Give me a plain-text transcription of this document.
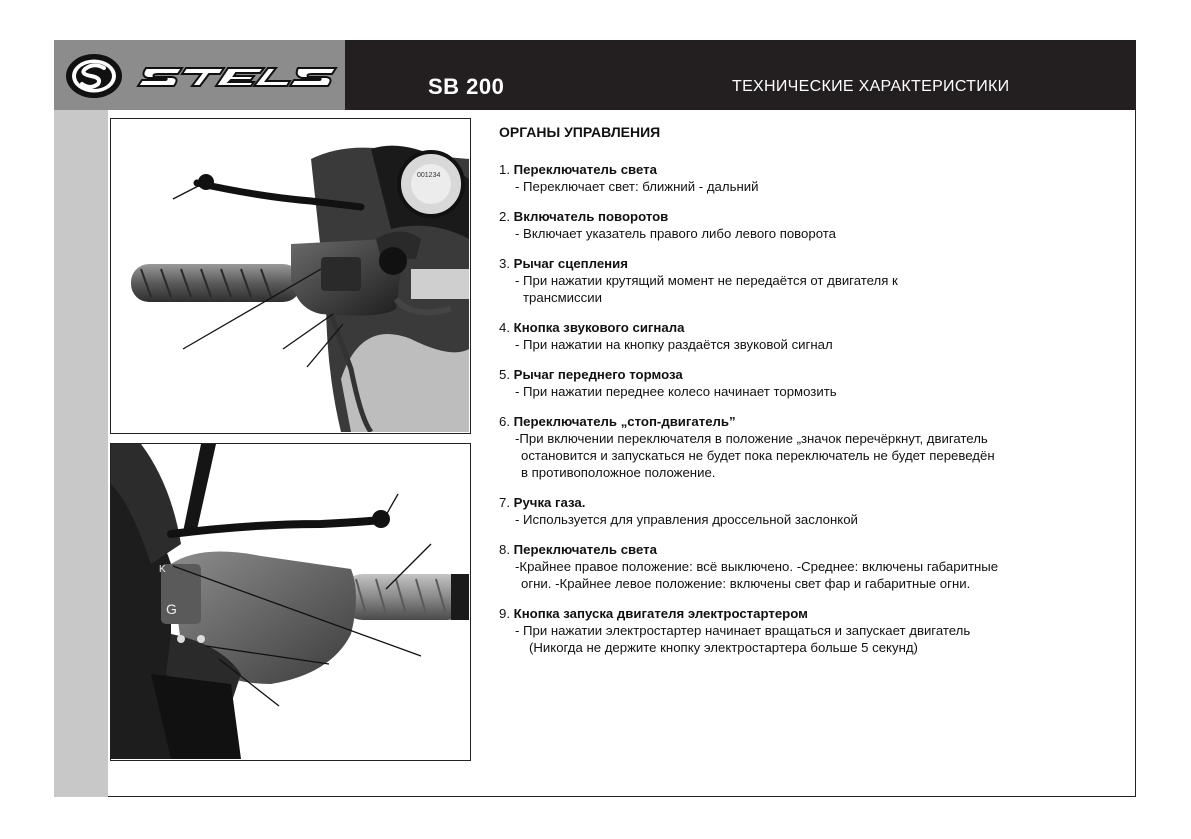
SB 200	ТЕХНИЧЕСКИЕ ХАРАКТЕРИСТИКИ
001234
G
K
ОРГАНЫ УПРАВЛЕНИЯ
1. Переключатель света
- Переключает свет: ближний - дальний
2. Включатель поворотов
- Включает указатель правого либо левого поворота
3. Рычаг сцепления
- При нажатии крутящий момент не передаётся от двигателя к
трансмиссии
4. Кнопка звукового сигнала
- При нажатии на кнопку раздаётся звуковой сигнал
5. Рычаг переднего тормоза
- При нажатии переднее колесо начинает тормозить
6. Переключатель „стоп-двигатель”
-При включении переключателя в положение „значок перечёркнут, двигатель
остановится и запускаться не будет пока переключатель не будет переведён
в противоположное положение.
7. Ручка газа.
- Используется для управления дроссельной заслонкой
8. Переключатель света
-Крайнее правое положение: всё выключено. -Среднее: включены габаритные
огни. -Крайнее левое положение: включены свет фар и габаритные огни.
9. Кнопка запуска двигателя электростартером
- При нажатии электростартер начинает вращаться и запускает двигатель
(Никогда не держите кнопку электростартера больше 5 секунд)
